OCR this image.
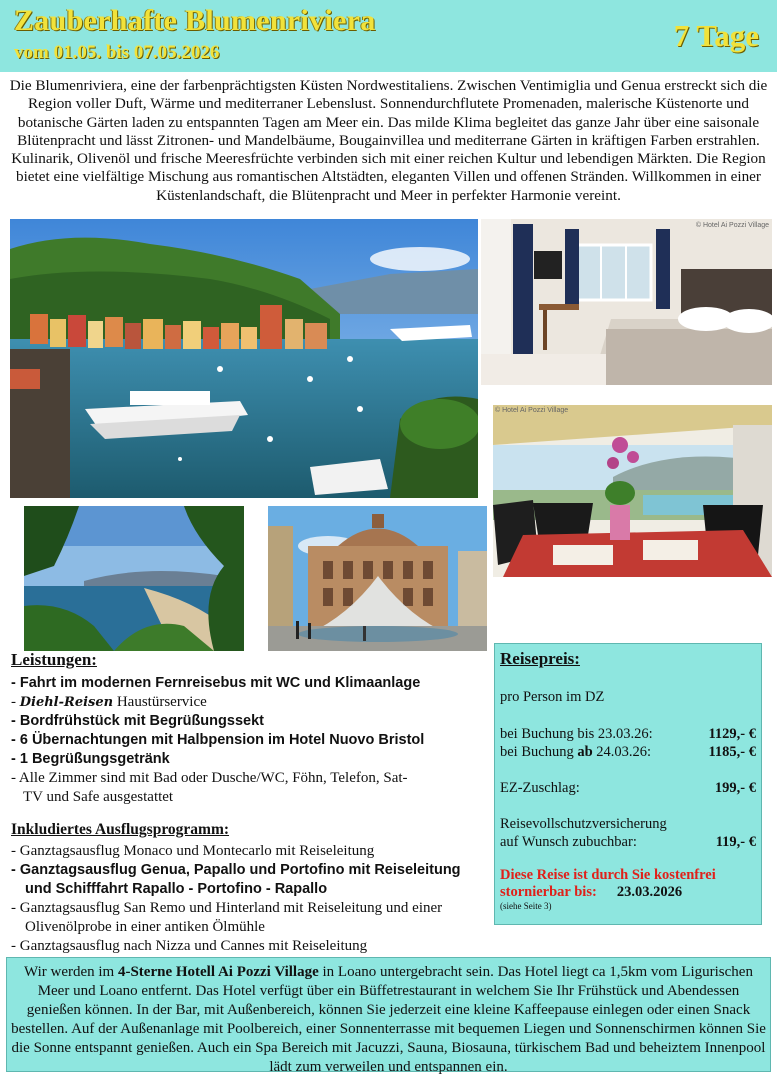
Zauberhafte Blumenriviera
vom 01.05. bis 07.05.2026	7 Tage
Die Blumenriviera, eine der farbenprächtigsten Küsten Nordwestitaliens. Zwischen Ventimiglia und Genua erstreckt sich die Region voller Duft, Wärme und mediterraner Lebenslust. Sonnendurchflutete Promenaden, malerische Küstenorte und botanische Gärten laden zu entspannten Tagen am Meer ein. Das milde Klima begleitet das ganze Jahr über eine saisonale Blütenpracht und lässt Zitronen- und Mandelbäume, Bougainvillea und mediterrane Gärten in kräftigen Farben erstrahlen. Kulinarik, Olivenöl und frische Meeresfrüchte verbinden sich mit einer reichen Kultur und lebendigen Märkten. Die Region bietet eine vielfältige Mischung aus romantischen Altstädten, eleganten Villen und offenen Stränden. Willkommen in einer Küstenlandschaft, die Blütenpracht und Meer in perfekter Harmonie vereint.
© Hotel Ai Pozzi Village
© Hotel Ai Pozzi Village
Leistungen:
- Fahrt im modernen Fernreisebus mit WC und Klimaanlage
- Diehl-Reisen Haustürservice
- Bordfrühstück mit Begrüßungssekt
- 6 Übernachtungen mit Halbpension im Hotel Nuovo Bristol
- 1 Begrüßungsgetränk
- Alle Zimmer sind mit Bad oder Dusche/WC, Föhn, Telefon, Sat-TV und Safe ausgestattet
Inkludiertes Ausflugsprogramm:
- Ganztagsausflug Monaco und Montecarlo mit Reiseleitung
- Ganztagsausflug Genua, Papallo und Portofino mit Reiseleitung und Schifffahrt Rapallo - Portofino - Rapallo
- Ganztagsausflug San Remo und Hinterland mit Reiseleitung und einer Olivenölprobe in einer antiken Ölmühle
- Ganztagsausflug nach Nizza und Cannes mit Reiseleitung
Reisepreis:
pro Person im DZ
bei Buchung bis 23.03.26:	1129,- €
bei Buchung ab 24.03.26:	1185,- €
EZ-Zuschlag:	199,- €
Reisevollschutzversicherung
auf Wunsch zubuchbar:	119,- €
Diese Reise ist durch Sie kostenfrei
stornierbar bis: 23.03.2026
(siehe Seite 3)
Wir werden im 4-Sterne Hotell Ai Pozzi Village in Loano untergebracht sein. Das Hotel liegt ca 1,5km vom Ligurischen Meer und Loano entfernt. Das Hotel verfügt über ein Büffetrestaurant in welchem Sie Ihr Frühstück und Abendessen genießen können. In der Bar, mit Außenbereich, können Sie jederzeit eine kleine Kaffeepause einlegen oder einen Snack bestellen. Auf der Außenanlage mit Poolbereich, einer Sonnenterrasse mit bequemen Liegen und Sonnenschirmen können Sie die Sonne entspannt genießen. Auch ein Spa Bereich mit Jacuzzi, Sauna, Biosauna, türkischem Bad und beheiztem Innenpool lädt zum verweilen und entspannen ein.
